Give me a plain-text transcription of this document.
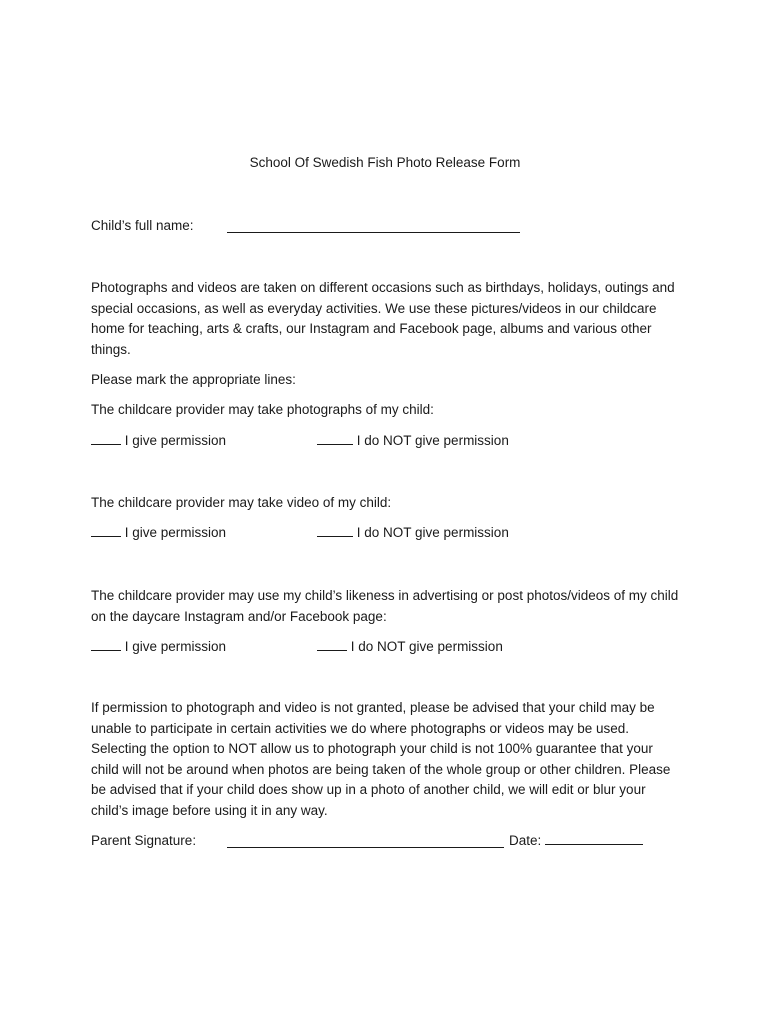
School Of Swedish Fish Photo Release Form
Child’s full name:

Photographs and videos are taken on different occasions such as birthdays, holidays, outings and special occasions, as well as everyday activities. We use these pictures/videos in our childcare home for teaching, arts & crafts, our Instagram and Facebook page, albums and various other things.

Please mark the appropriate lines:

The childcare provider may take photographs of my child:

I give permission	I do NOT give permission

The childcare provider may take video of my child:

I give permission	I do NOT give permission

The childcare provider may use my child’s likeness in advertising or post photos/videos of my child on the daycare Instagram and/or Facebook page:

I give permission	I do NOT give permission

If permission to photograph and video is not granted, please be advised that your child may be unable to participate in certain activities we do where photographs or videos may be used. Selecting the option to NOT allow us to photograph your child is not 100% guarantee that your child will not be around when photos are being taken of the whole group or other children. Please be advised that if your child does show up in a photo of another child, we will edit or blur your child’s image before using it in any way.

Parent Signature:	Date:
